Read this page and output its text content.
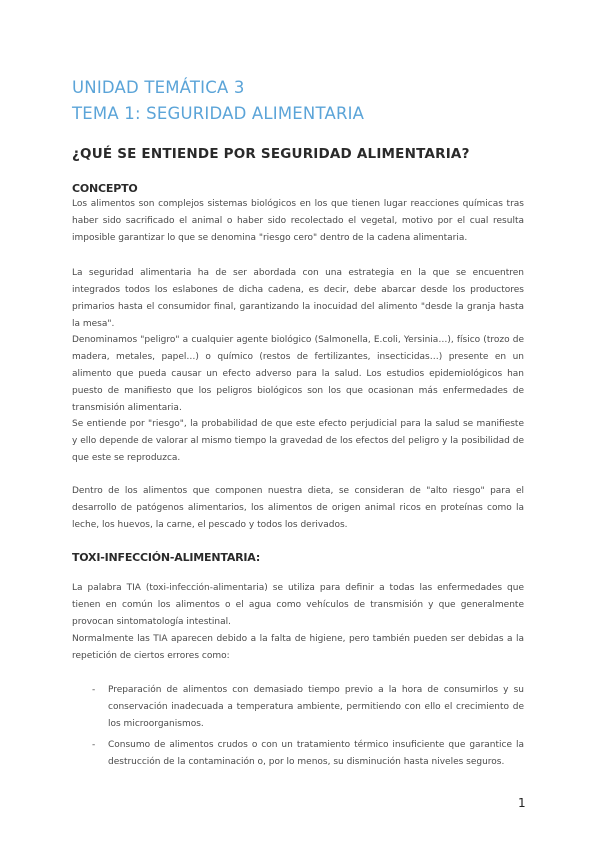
UNIDAD TEMÁTICA 3
TEMA 1: SEGURIDAD ALIMENTARIA
¿QUÉ SE ENTIENDE POR SEGURIDAD ALIMENTARIA?
CONCEPTO

Los alimentos son complejos sistemas biológicos en los que tienen lugar reacciones químicas tras haber sido sacrificado el animal o haber sido recolectado el vegetal, motivo por el cual resulta imposible garantizar lo que se denomina "riesgo cero" dentro de la cadena alimentaria.

La seguridad alimentaria ha de ser abordada con una estrategia en la que se encuentren integrados todos los eslabones de dicha cadena, es decir, debe abarcar desde los productores primarios hasta el consumidor final, garantizando la inocuidad del alimento "desde la granja hasta la mesa".

Denominamos "peligro" a cualquier agente biológico (Salmonella, E.coli, Yersinia…), físico (trozo de madera, metales, papel…) o químico (restos de fertilizantes, insecticidas…) presente en un alimento que pueda causar un efecto adverso para la salud. Los estudios epidemiológicos han puesto de manifiesto que los peligros biológicos son los que ocasionan más enfermedades de transmisión alimentaria.

Se entiende por "riesgo", la probabilidad de que este efecto perjudicial para la salud se manifieste y ello depende de valorar al mismo tiempo la gravedad de los efectos del peligro y la posibilidad de que este se reproduzca.

Dentro de los alimentos que componen nuestra dieta, se consideran de "alto riesgo" para el desarrollo de patógenos alimentarios, los alimentos de origen animal ricos en proteínas como la leche, los huevos, la carne, el pescado y todos los derivados.

TOXI-INFECCIÓN-ALIMENTARIA:

La palabra TIA (toxi-infección-alimentaria) se utiliza para definir a todas las enfermedades que tienen en común los alimentos o el agua como vehículos de transmisión y que generalmente provocan sintomatología intestinal.

Normalmente las TIA aparecen debido a la falta de higiene, pero también pueden ser debidas a la repetición de ciertos errores como:

- Preparación de alimentos con demasiado tiempo previo a la hora de consumirlos y su conservación inadecuada a temperatura ambiente, permitiendo con ello el crecimiento de los microorganismos.
- Consumo de alimentos crudos o con un tratamiento térmico insuficiente que garantice la destrucción de la contaminación o, por lo menos, su disminución hasta niveles seguros.
1
